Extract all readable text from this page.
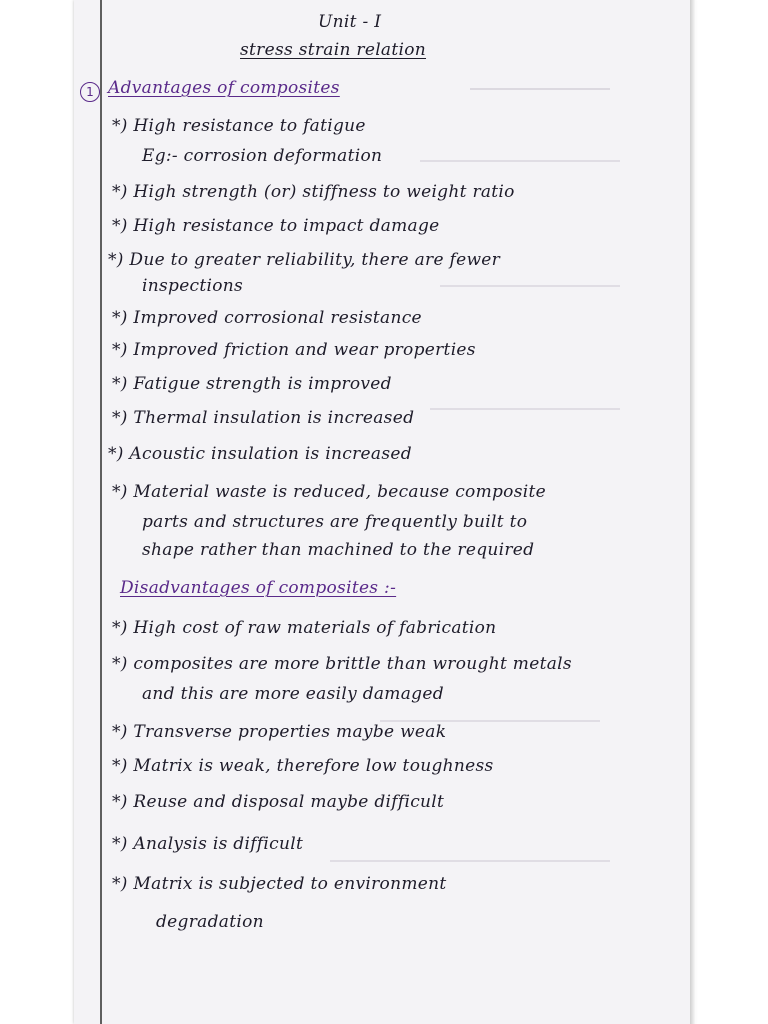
Unit - I
stress strain relation
1 Advantages of composites
*) High resistance to fatigue
Eg:- corrosion deformation
*) High strength (or) stiffness to weight ratio
*) High resistance to impact damage
*) Due to greater reliability, there are fewer
inspections
*) Improved corrosional resistance
*) Improved friction and wear properties
*) Fatigue strength is improved
*) Thermal insulation is increased
*) Acoustic insulation is increased
*) Material waste is reduced, because composite
parts and structures are frequently built to
shape rather than machined to the required
Disadvantages of composites :-
*) High cost of raw materials of fabrication
*) composites are more brittle than wrought metals
and this are more easily damaged
*) Transverse properties maybe weak
*) Matrix is weak, therefore low toughness
*) Reuse and disposal maybe difficult
*) Analysis is difficult
*) Matrix is subjected to environment
degradation
